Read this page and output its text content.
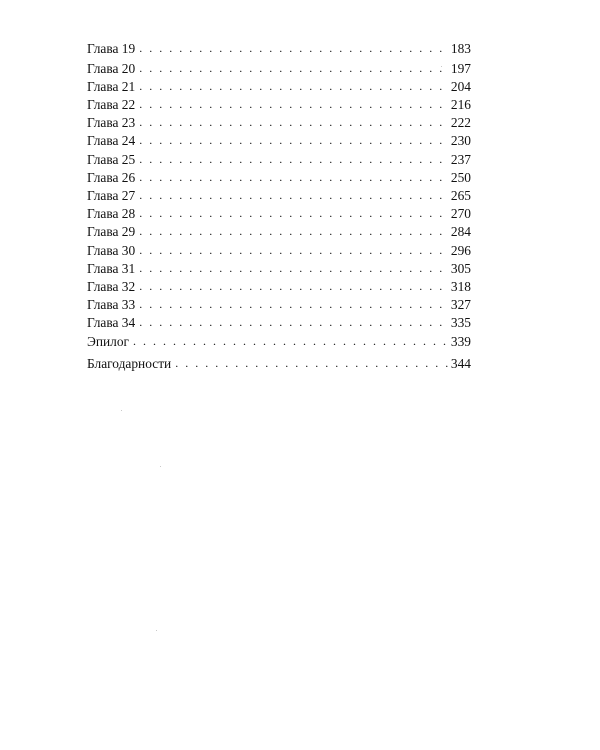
Глава 19 . . .	183
Глава 20 . . .	197
Глава 21 . . .	204
Глава 22 . . .	216
Глава 23 . . .	222
Глава 24 . . .	230
Глава 25 . . .	237
Глава 26 . . .	250
Глава 27 . . .	265
Глава 28 . . .	270
Глава 29 . . .	284
Глава 30 . . .	296
Глава 31 . . .	305
Глава 32 . . .	318
Глава 33 . . .	327
Глава 34 . . .	335
Эпилог . . .	339
Благодарности . . .	344
